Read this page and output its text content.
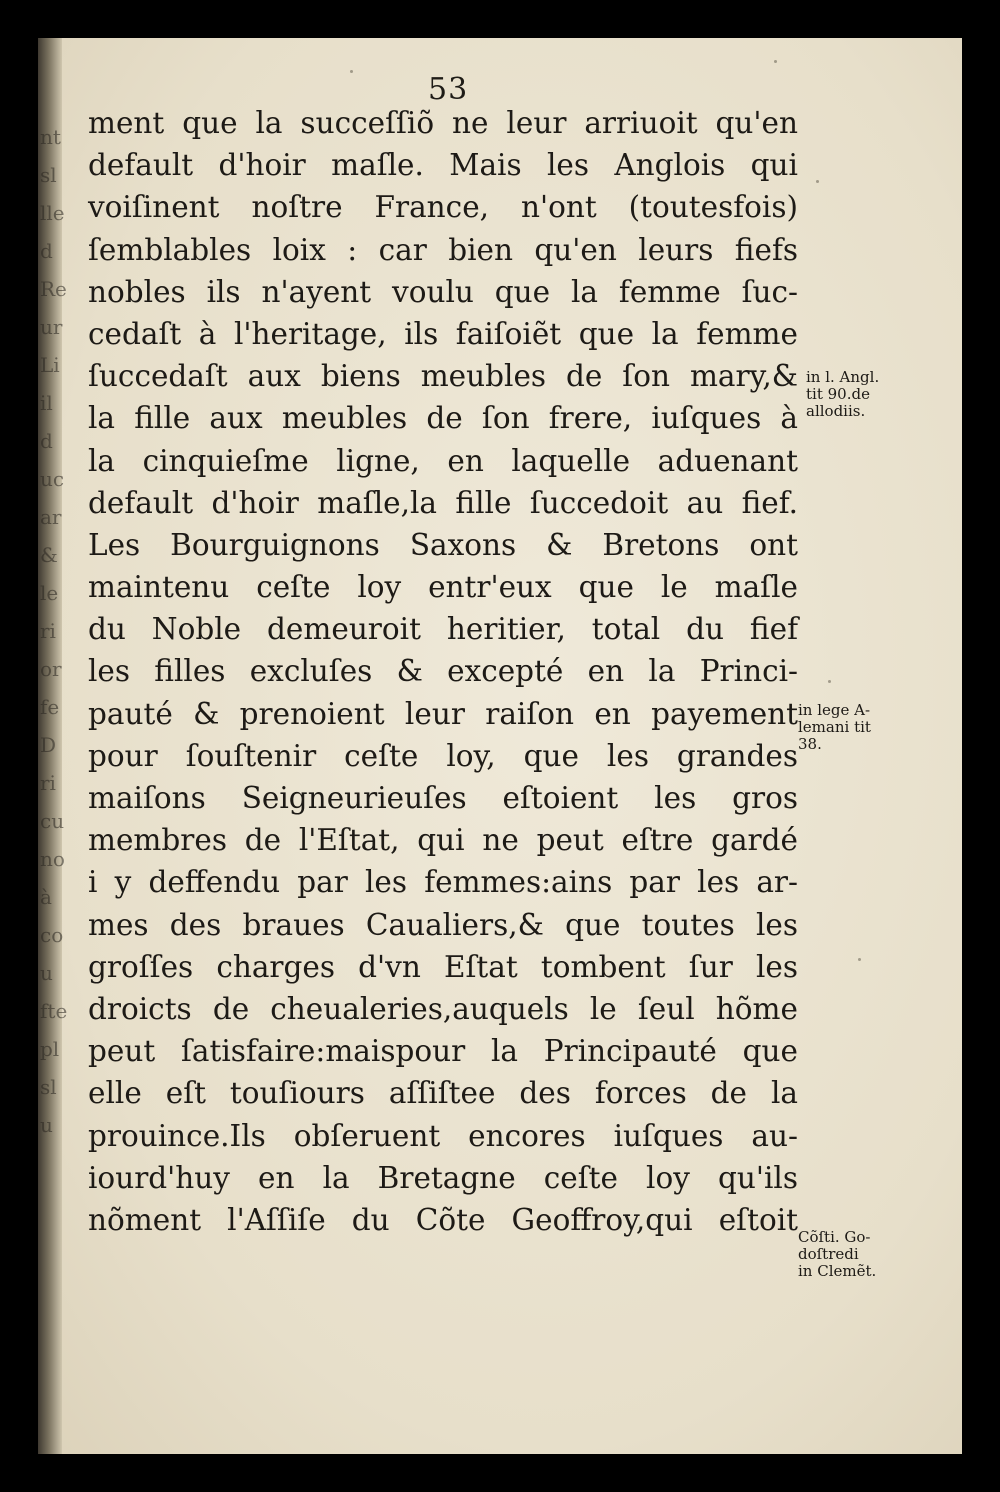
nt
sl
lle
d
Re
ur
Li
il
d
uc
ar
&
le
ri
or
fe
D
ri
cu
no
à
co
u
fte
pl
sl
u
53
ment que la succeſſiõ ne leur arriuoit qu'en
default d'hoir maſle. Mais les Anglois qui
voiſinent noſtre France, n'ont (toutesfois)
ſemblables loix : car bien qu'en leurs fiefs
nobles ils n'ayent voulu que la femme ſuc-
cedaſt à l'heritage, ils faiſoiẽt que la femme
ſuccedaſt aux biens meubles de ſon mary,&
la fille aux meubles de ſon frere, iuſques à
la cinquieſme ligne, en laquelle aduenant
default d'hoir maſle,la fille ſuccedoit au fief.
Les Bourguignons Saxons & Bretons ont
maintenu ceſte loy entr'eux que le maſle
du Noble demeuroit heritier, total du fief
les filles excluſes & excepté en la Princi-
pauté & prenoient leur raiſon en payement
pour ſouſtenir ceſte loy, que les grandes
maiſons Seigneurieuſes eſtoient les gros
membres de l'Eſtat, qui ne peut eſtre gardé
i y deffendu par les femmes:ains par les ar-
mes des braues Caualiers,& que toutes les
groſſes charges d'vn Eſtat tombent ſur les
droicts de cheualeries,auquels le ſeul hõme
peut ſatisfaire:maispour la Principauté que
elle eſt touſiours aſſiſtee des forces de la
prouince.Ils obſeruent encores iuſques au-
iourd'huy en la Bretagne ceſte loy qu'ils
nõment l'Aſſiſe du Cõte Geoffroy,qui eſtoit
in l. Angl.
tit 90.de
allodiis.
in lege A-
lemani tit
38.
Cõſti. Go-
doſtredi
in Clemẽt.
